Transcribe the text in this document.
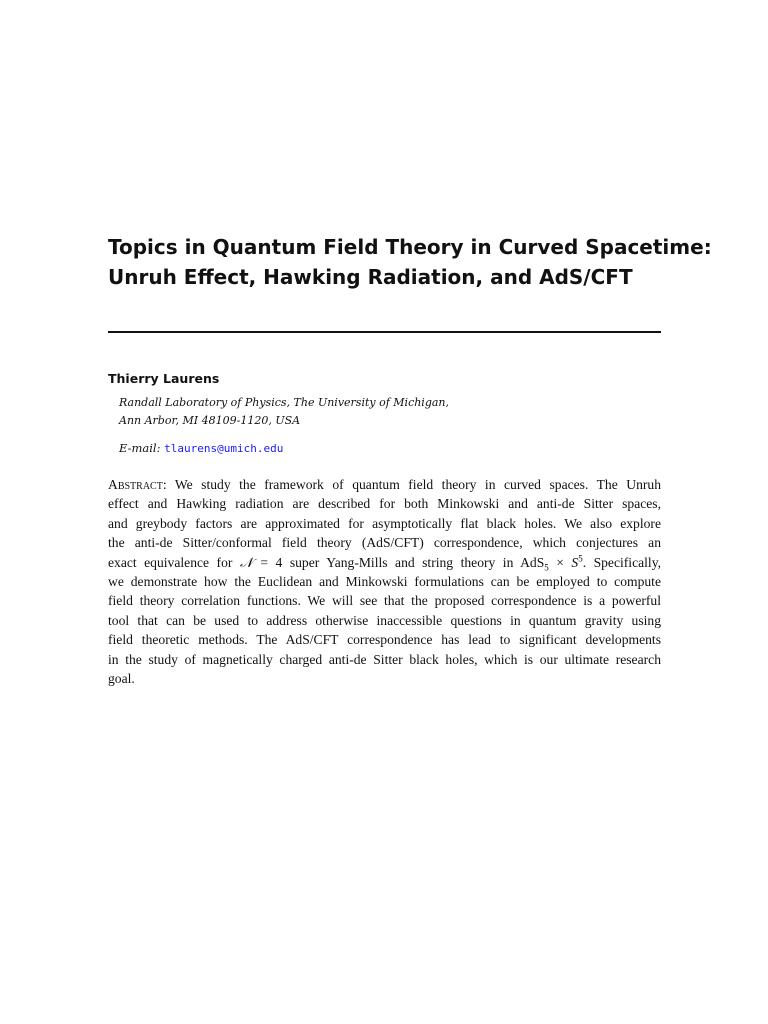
Topics in Quantum Field Theory in Curved Spacetime:
Unruh Effect, Hawking Radiation, and AdS/CFT
Thierry Laurens
Randall Laboratory of Physics, The University of Michigan,
Ann Arbor, MI 48109-1120, USA
E-mail: tlaurens@umich.edu
Abstract: We study the framework of quantum field theory in curved spaces. The Unruh
effect and Hawking radiation are described for both Minkowski and anti-de Sitter spaces,
and greybody factors are approximated for asymptotically flat black holes. We also explore
the anti-de Sitter/conformal field theory (AdS/CFT) correspondence, which conjectures an
exact equivalence for 𝒩 = 4 super Yang-Mills and string theory in $AdS_5 \times S^5$. Specifically,
we demonstrate how the Euclidean and Minkowski formulations can be employed to compute
field theory correlation functions. We will see that the proposed correspondence is a powerful
tool that can be used to address otherwise inaccessible questions in quantum gravity using
field theoretic methods. The AdS/CFT correspondence has lead to significant developments
in the study of magnetically charged anti-de Sitter black holes, which is our ultimate research
goal.
